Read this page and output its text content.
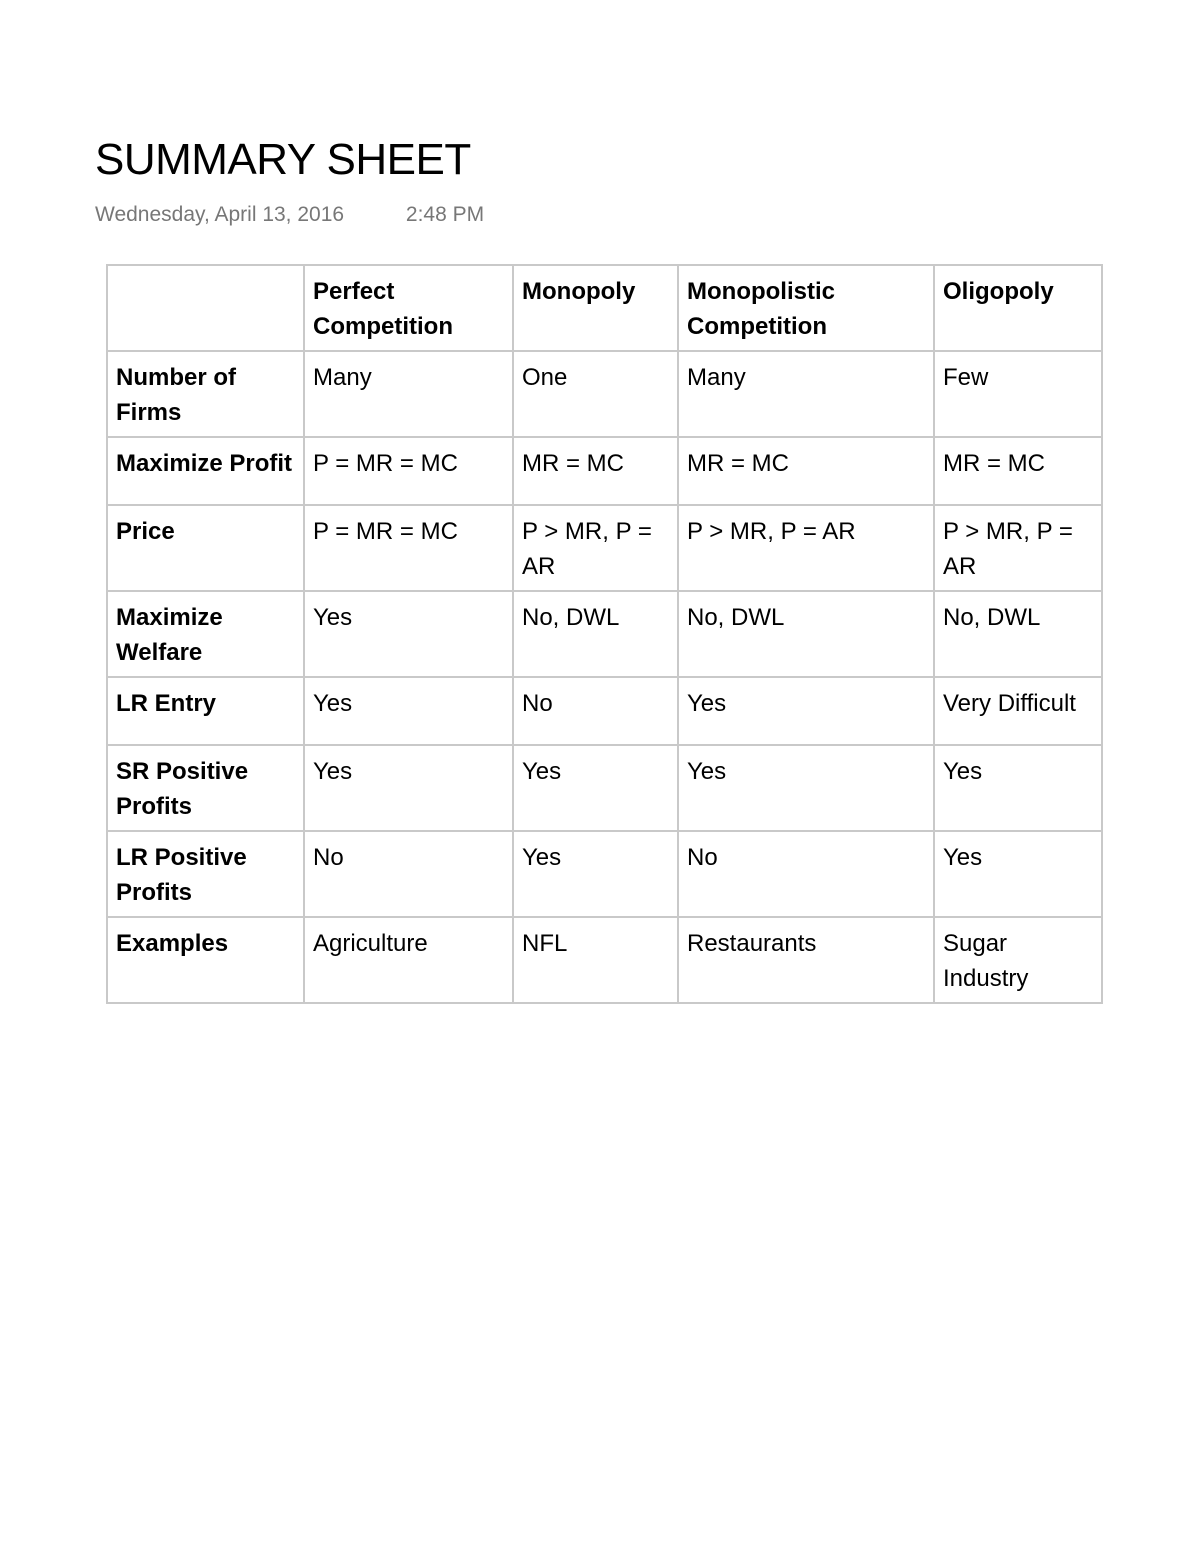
SUMMARY SHEET
Wednesday, April 13, 2016	2:48 PM
	Perfect Competition	Monopoly	Monopolistic Competition	Oligopoly
Number of Firms	Many	One	Many	Few
Maximize Profit	P = MR = MC	MR = MC	MR = MC	MR = MC
Price	P = MR = MC	P > MR, P = AR	P > MR, P = AR	P > MR, P = AR
Maximize Welfare	Yes	No, DWL	No, DWL	No, DWL
LR Entry	Yes	No	Yes	Very Difficult
SR Positive Profits	Yes	Yes	Yes	Yes
LR Positive Profits	No	Yes	No	Yes
Examples	Agriculture	NFL	Restaurants	Sugar Industry
